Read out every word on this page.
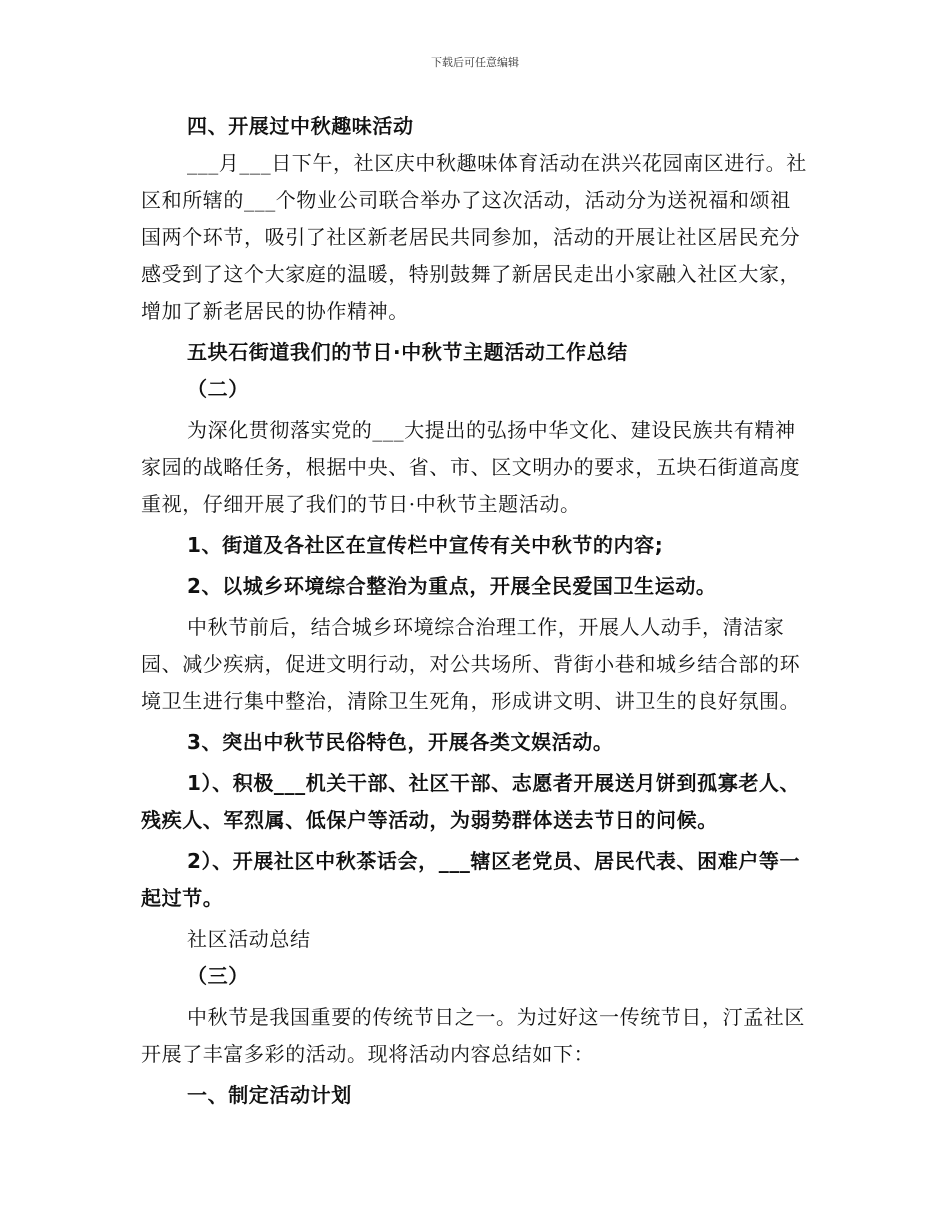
下载后可任意编辑

四、开展过中秋趣味活动

___月___日下午，社区庆中秋趣味体育活动在洪兴花园南区进行。社区和所辖的___个物业公司联合举办了这次活动，活动分为送祝福和颂祖国两个环节，吸引了社区新老居民共同参加，活动的开展让社区居民充分感受到了这个大家庭的温暖，特别鼓舞了新居民走出小家融入社区大家，增加了新老居民的协作精神。

五块石街道我们的节日·中秋节主题活动工作总结

（二）

为深化贯彻落实党的___大提出的弘扬中华文化、建设民族共有精神家园的战略任务，根据中央、省、市、区文明办的要求，五块石街道高度重视，仔细开展了我们的节日·中秋节主题活动。

1、街道及各社区在宣传栏中宣传有关中秋节的内容;

2、以城乡环境综合整治为重点，开展全民爱国卫生运动。

中秋节前后，结合城乡环境综合治理工作，开展人人动手，清洁家园、减少疾病，促进文明行动，对公共场所、背街小巷和城乡结合部的环境卫生进行集中整治，清除卫生死角，形成讲文明、讲卫生的良好氛围。

3、突出中秋节民俗特色，开展各类文娱活动。

1）、积极___机关干部、社区干部、志愿者开展送月饼到孤寡老人、残疾人、军烈属、低保户等活动，为弱势群体送去节日的问候。

2）、开展社区中秋茶话会，___辖区老党员、居民代表、困难户等一起过节。

社区活动总结

（三）

中秋节是我国重要的传统节日之一。为过好这一传统节日，汀孟社区开展了丰富多彩的活动。现将活动内容总结如下：

一、制定活动计划
